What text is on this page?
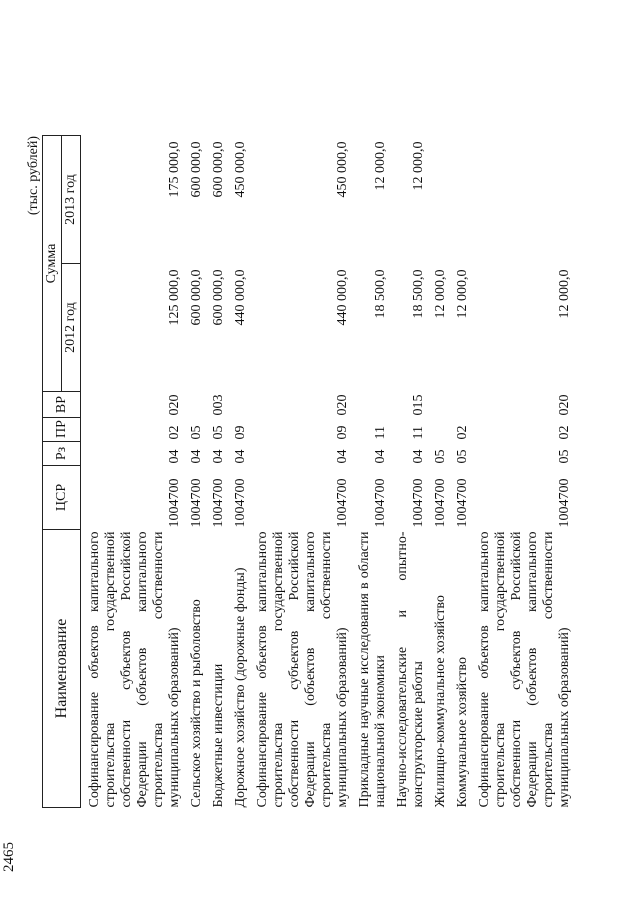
(тыс. рублей)
Наименование	ЦСР	Рз	ПР	ВР	Сумма	
					2012 год	2013 год
Софинансирование объектов капитального строительства государственной собственности субъектов Российской Федерации (объектов капитального строительства собственности муниципальных образований)	1004700	04	02	020	125 000,0	175 000,0
Сельское хозяйство и рыболовство	1004700	04	05		600 000,0	600 000,0
Бюджетные инвестиции	1004700	04	05	003	600 000,0	600 000,0
Дорожное хозяйство (дорожные фонды)	1004700	04	09		440 000,0	450 000,0
Софинансирование объектов капитального строительства государственной собственности субъектов Российской Федерации (объектов капитального строительства собственности муниципальных образований)	1004700	04	09	020	440 000,0	450 000,0
Прикладные научные исследования в области национальной экономики	1004700	04	11		18 500,0	12 000,0
Научно-исследовательские и опытно-конструкторские работы	1004700	04	11	015	18 500,0	12 000,0
Жилищно-коммунальное хозяйство	1004700	05			12 000,0	
Коммунальное хозяйство	1004700	05	02		12 000,0	
Софинансирование объектов капитального строительства государственной собственности субъектов Российской Федерации (объектов капитального строительства собственности муниципальных образований)	1004700	05	02	020	12 000,0	
2465
